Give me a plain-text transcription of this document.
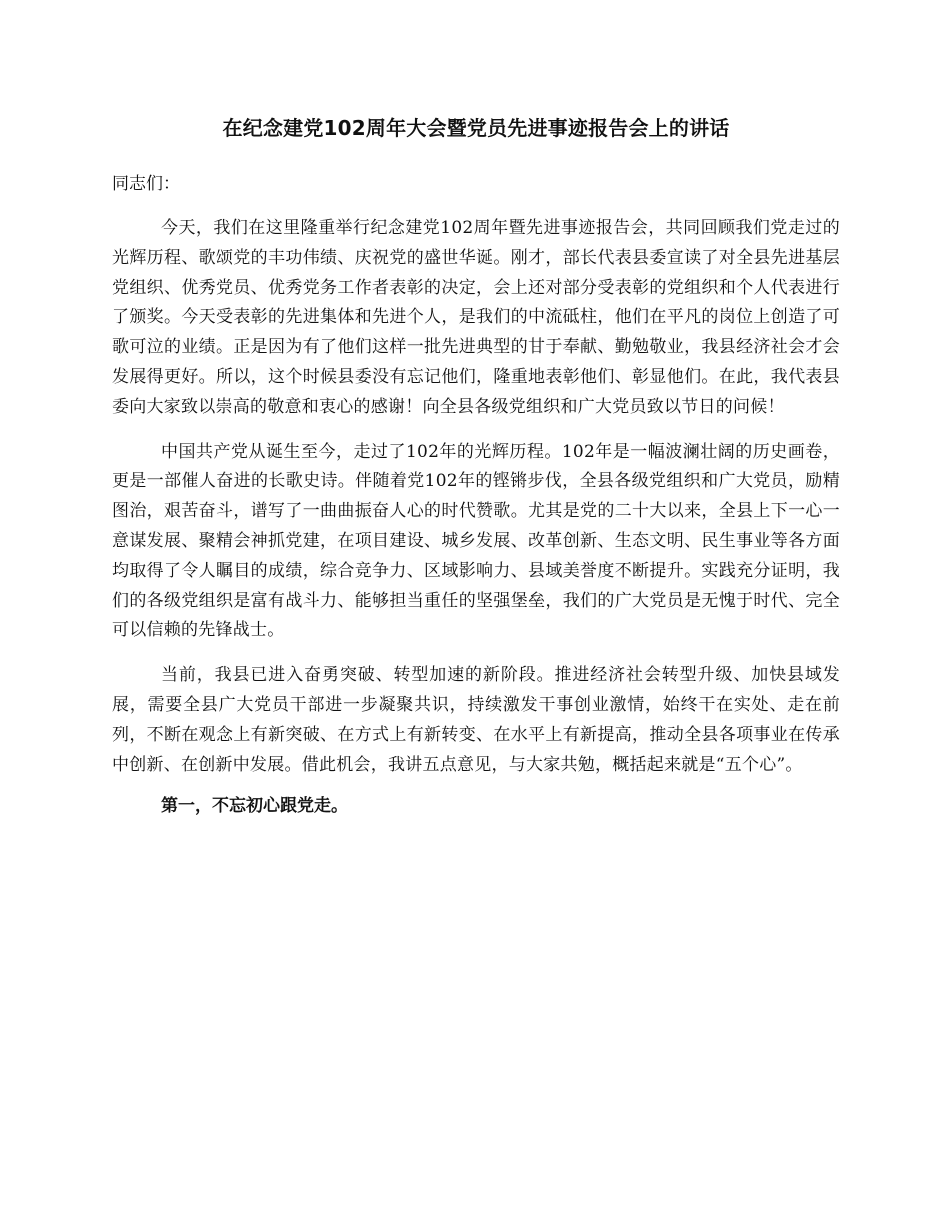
在纪念建党102周年大会暨党员先进事迹报告会上的讲话

同志们：

今天，我们在这里隆重举行纪念建党102周年暨先进事迹报告会，共同回顾我们党走过的光辉历程、歌颂党的丰功伟绩、庆祝党的盛世华诞。刚才，部长代表县委宣读了对全县先进基层党组织、优秀党员、优秀党务工作者表彰的决定，会上还对部分受表彰的党组织和个人代表进行了颁奖。今天受表彰的先进集体和先进个人，是我们的中流砥柱，他们在平凡的岗位上创造了可歌可泣的业绩。正是因为有了他们这样一批先进典型的甘于奉献、勤勉敬业，我县经济社会才会发展得更好。所以，这个时候县委没有忘记他们，隆重地表彰他们、彰显他们。在此，我代表县委向大家致以崇高的敬意和衷心的感谢！向全县各级党组织和广大党员致以节日的问候！

中国共产党从诞生至今，走过了102年的光辉历程。102年是一幅波澜壮阔的历史画卷，更是一部催人奋进的长歌史诗。伴随着党102年的铿锵步伐，全县各级党组织和广大党员，励精图治，艰苦奋斗，谱写了一曲曲振奋人心的时代赞歌。尤其是党的二十大以来，全县上下一心一意谋发展、聚精会神抓党建，在项目建设、城乡发展、改革创新、生态文明、民生事业等各方面均取得了令人瞩目的成绩，综合竞争力、区域影响力、县域美誉度不断提升。实践充分证明，我们的各级党组织是富有战斗力、能够担当重任的坚强堡垒，我们的广大党员是无愧于时代、完全可以信赖的先锋战士。

当前，我县已进入奋勇突破、转型加速的新阶段。推进经济社会转型升级、加快县域发展，需要全县广大党员干部进一步凝聚共识，持续激发干事创业激情，始终干在实处、走在前列，不断在观念上有新突破、在方式上有新转变、在水平上有新提高，推动全县各项事业在传承中创新、在创新中发展。借此机会，我讲五点意见，与大家共勉，概括起来就是“五个心”。

第一，不忘初心跟党走。
